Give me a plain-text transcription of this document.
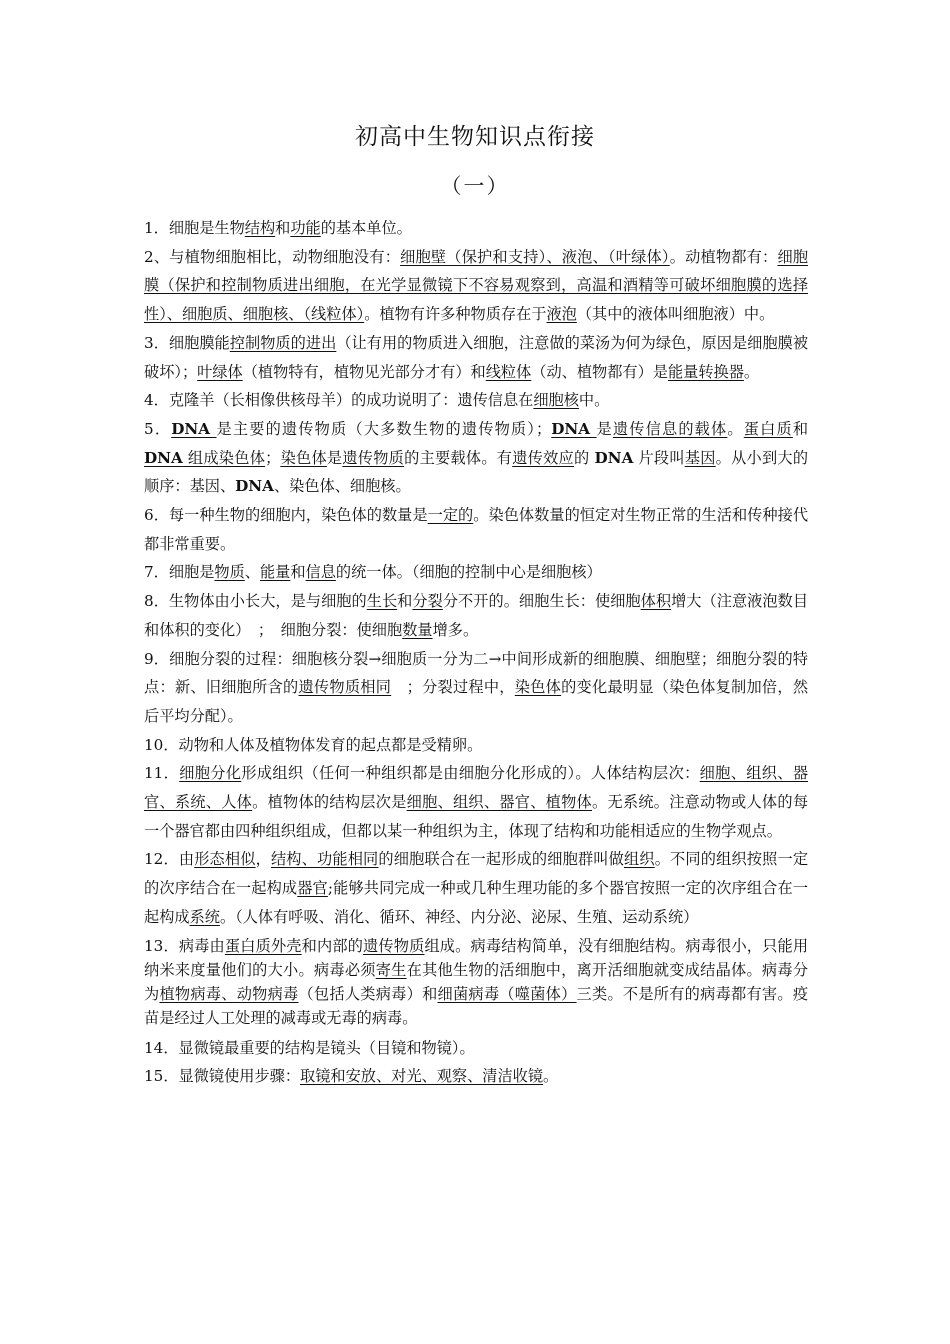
初高中生物知识点衔接
（一）

1．细胞是生物结构和功能的基本单位。

2、与植物细胞相比，动物细胞没有：细胞壁（保护和支持）、液泡、（叶绿体）。动植物都有：细胞膜（保护和控制物质进出细胞，在光学显微镜下不容易观察到，高温和酒精等可破坏细胞膜的选择性）、细胞质、细胞核、（线粒体）。植物有许多种物质存在于液泡（其中的液体叫细胞液）中。

3．细胞膜能控制物质的进出（让有用的物质进入细胞，注意做的菜汤为何为绿色，原因是细胞膜被破坏）；叶绿体（植物特有，植物见光部分才有）和线粒体（动、植物都有）是能量转换器。

4．克隆羊（长相像供核母羊）的成功说明了：遗传信息在细胞核中。

5．DNA 是主要的遗传物质（大多数生物的遗传物质）；DNA 是遗传信息的载体。蛋白质和 DNA 组成染色体；染色体是遗传物质的主要载体。有遗传效应的 DNA 片段叫基因。从小到大的顺序：基因、DNA、染色体、细胞核。

6．每一种生物的细胞内，染色体的数量是一定的。染色体数量的恒定对生物正常的生活和传种接代都非常重要。

7．细胞是物质、能量和信息的统一体。（细胞的控制中心是细胞核）

8．生物体由小长大，是与细胞的生长和分裂分不开的。细胞生长：使细胞体积增大（注意液泡数目和体积的变化）　；　细胞分裂：使细胞数量增多。

9．细胞分裂的过程：细胞核分裂→细胞质一分为二→中间形成新的细胞膜、细胞壁；细胞分裂的特点：新、旧细胞所含的遗传物质相同　；分裂过程中，染色体的变化最明显（染色体复制加倍，然后平均分配）。

10．动物和人体及植物体发育的起点都是受精卵。

11．细胞分化形成组织（任何一种组织都是由细胞分化形成的）。人体结构层次：细胞、组织、器官、系统、人体。植物体的结构层次是细胞、组织、器官、植物体。无系统。注意动物或人体的每一个器官都由四种组织组成，但都以某一种组织为主，体现了结构和功能相适应的生物学观点。

12．由形态相似，结构、功能相同的细胞联合在一起形成的细胞群叫做组织。不同的组织按照一定的次序结合在一起构成器官;能够共同完成一种或几种生理功能的多个器官按照一定的次序组合在一起构成系统。（人体有呼吸、消化、循环、神经、内分泌、泌尿、生殖、运动系统）

13．病毒由蛋白质外壳和内部的遗传物质组成。病毒结构简单，没有细胞结构。病毒很小，只能用纳米来度量他们的大小。病毒必须寄生在其他生物的活细胞中，离开活细胞就变成结晶体。病毒分为植物病毒、动物病毒（包括人类病毒）和细菌病毒（噬菌体）三类。不是所有的病毒都有害。疫苗是经过人工处理的减毒或无毒的病毒。

14．显微镜最重要的结构是镜头（目镜和物镜）。

15．显微镜使用步骤：取镜和安放、对光、观察、清洁收镜。
